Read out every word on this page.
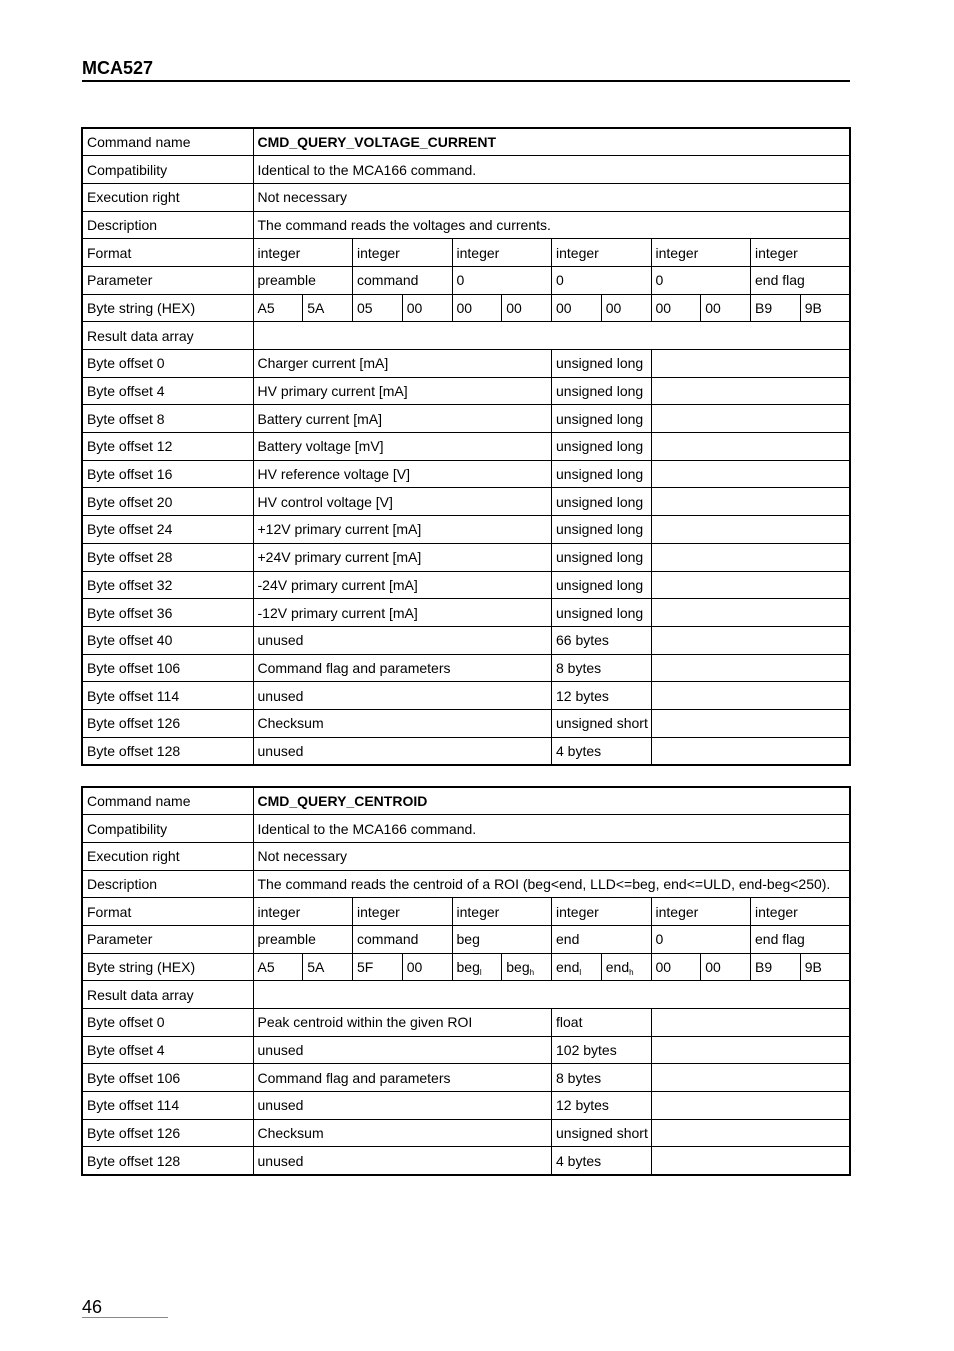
MCA527
Command name	CMD_QUERY_VOLTAGE_CURRENT											
Compatibility	Identical to the MCA166 command.											
Execution right	Not necessary											
Description	The command reads the voltages and currents.											
Format	integer		integer		integer		integer		integer		integer	
Parameter	preamble		command		0		0		0		end flag	
Byte string (HEX)	A5	5A	05	00	00	00	00	00	00	00	B9	9B
Result data array												
Byte offset 0	Charger current [mA]						unsigned long					
Byte offset 4	HV primary current [mA]						unsigned long					
Byte offset 8	Battery current [mA]						unsigned long					
Byte offset 12	Battery voltage [mV]						unsigned long					
Byte offset 16	HV reference voltage [V]						unsigned long					
Byte offset 20	HV control voltage [V]						unsigned long					
Byte offset 24	+12V primary current [mA]						unsigned long					
Byte offset 28	+24V primary current [mA]						unsigned long					
Byte offset 32	-24V primary current [mA]						unsigned long					
Byte offset 36	-12V primary current [mA]						unsigned long					
Byte offset 40	unused						66 bytes					
Byte offset 106	Command flag and parameters						8 bytes					
Byte offset 114	unused						12 bytes					
Byte offset 126	Checksum						unsigned short					
Byte offset 128	unused						4 bytes					
Command name	CMD_QUERY_CENTROID											
Compatibility	Identical to the MCA166 command.											
Execution right	Not necessary											
Description	The command reads the centroid of a ROI (beg<end, LLD<=beg, end<=ULD, end-beg<250).											
Format	integer		integer		integer		integer		integer		integer	
Parameter	preamble		command		beg		end		0		end flag	
Byte string (HEX)	A5	5A	5F	00	beg$_l$	beg$_h$	end$_l$	end$_h$	00	00	B9	9B
Result data array												
Byte offset 0	Peak centroid within the given ROI						float					
Byte offset 4	unused						102 bytes					
Byte offset 106	Command flag and parameters						8 bytes					
Byte offset 114	unused						12 bytes					
Byte offset 126	Checksum						unsigned short					
Byte offset 128	unused						4 bytes					
46
